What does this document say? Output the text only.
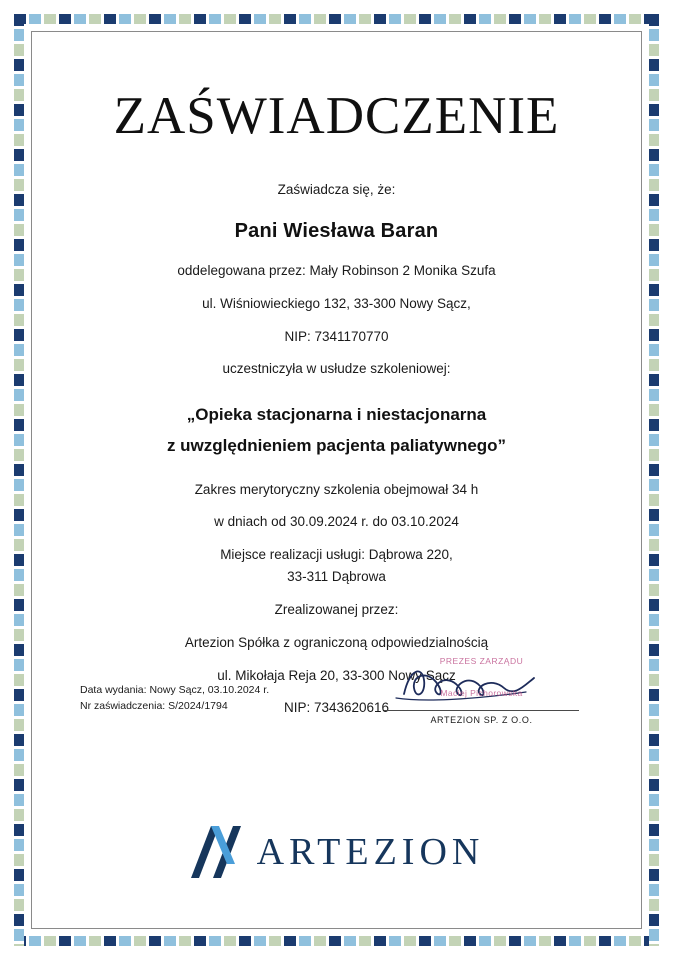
ZAŚWIADCZENIE
Zaświadcza się, że:
Pani Wiesława Baran
oddelegowana przez: Mały Robinson 2 Monika Szufa
ul. Wiśniowieckiego 132, 33-300 Nowy Sącz,
NIP: 7341170770
uczestniczyła w usłudze szkoleniowej:
„Opieka stacjonarna i niestacjonarna
z uwzględnieniem pacjenta paliatywnego”
Zakres merytoryczny szkolenia obejmował 34 h
w dniach od 30.09.2024 r. do 03.10.2024
Miejsce realizacji usługi: Dąbrowa 220,
33-311 Dąbrowa
Zrealizowanej przez:
Artezion Spółka z ograniczoną odpowiedzialnością
ul. Mikołaja Reja 20, 33-300 Nowy Sącz
NIP: 7343620616
Data wydania: Nowy Sącz, 03.10.2024 r.
Nr zaświadczenia: S/2024/1794
PREZES ZARZĄDU
Maciej Pichorowska
ARTEZION SP. Z O.O.
ARTEZION
